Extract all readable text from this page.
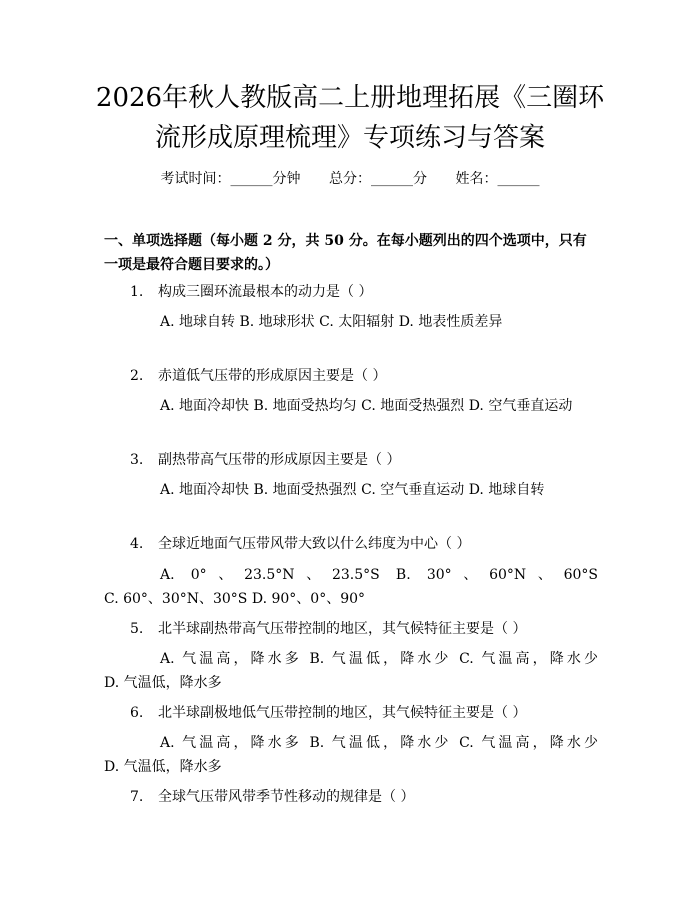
2026年秋人教版高二上册地理拓展《三圈环
流形成原理梳理》专项练习与答案
考试时间：______分钟 总分：______分 姓名：______
一、单项选择题（每小题 2 分，共 50 分。在每小题列出的四个选项中，只有一项是最符合题目要求的。）
1. 构成三圈环流最根本的动力是（ ）
A. 地球自转 B. 地球形状 C. 太阳辐射 D. 地表性质差异
2. 赤道低气压带的形成原因主要是（ ）
A. 地面冷却快 B. 地面受热均匀 C. 地面受热强烈 D. 空气垂直运动
3. 副热带高气压带的形成原因主要是（ ）
A. 地面冷却快 B. 地面受热强烈 C. 空气垂直运动 D. 地球自转
4. 全球近地面气压带风带大致以什么纬度为中心（ ）
A. 0°、23.5°N、23.5°S B. 30°、60°N、60°S C. 60°、30°N、30°S D. 90°、0°、90°
5. 北半球副热带高气压带控制的地区，其气候特征主要是（ ）
A. 气温高，降水多 B. 气温低，降水少 C. 气温高，降水少 D. 气温低，降水多
6. 北半球副极地低气压带控制的地区，其气候特征主要是（ ）
A. 气温高，降水多 B. 气温低，降水少 C. 气温高，降水少 D. 气温低，降水多
7. 全球气压带风带季节性移动的规律是（ ）
